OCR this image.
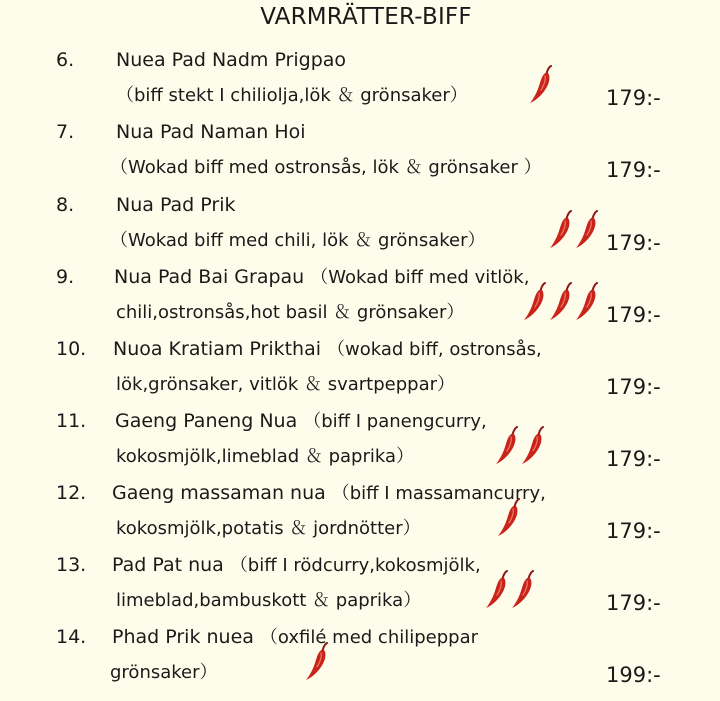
VARMRÄTTER-BIFF
6. Nuea Pad Nadm Prigpao
（biff stekt I chiliolja,lök ＆ grönsaker）	179:-
7. Nua Pad Naman Hoi
（Wokad biff med ostronsås, lök ＆ grönsaker ）	179:-
8. Nua Pad Prik
（Wokad biff med chili, lök ＆ grönsaker）	179:-
9. Nua Pad Bai Grapau （Wokad biff med vitlök,
chili,ostronsås,hot basil ＆ grönsaker）	179:-
10. Nuoa Kratiam Prikthai （wokad biff, ostronsås,
lök,grönsaker, vitlök ＆ svartpeppar）	179:-
11. Gaeng Paneng Nua （biff I panengcurry,
kokosmjölk,limeblad ＆ paprika）	179:-
12. Gaeng massaman nua （biff I massamancurry,
kokosmjölk,potatis ＆ jordnötter）	179:-
13. Pad Pat nua （biff I rödcurry,kokosmjölk,
limeblad,bambuskott ＆ paprika）	179:-
14. Phad Prik nuea （oxfilé med chilipeppar
grönsaker）	199:-
